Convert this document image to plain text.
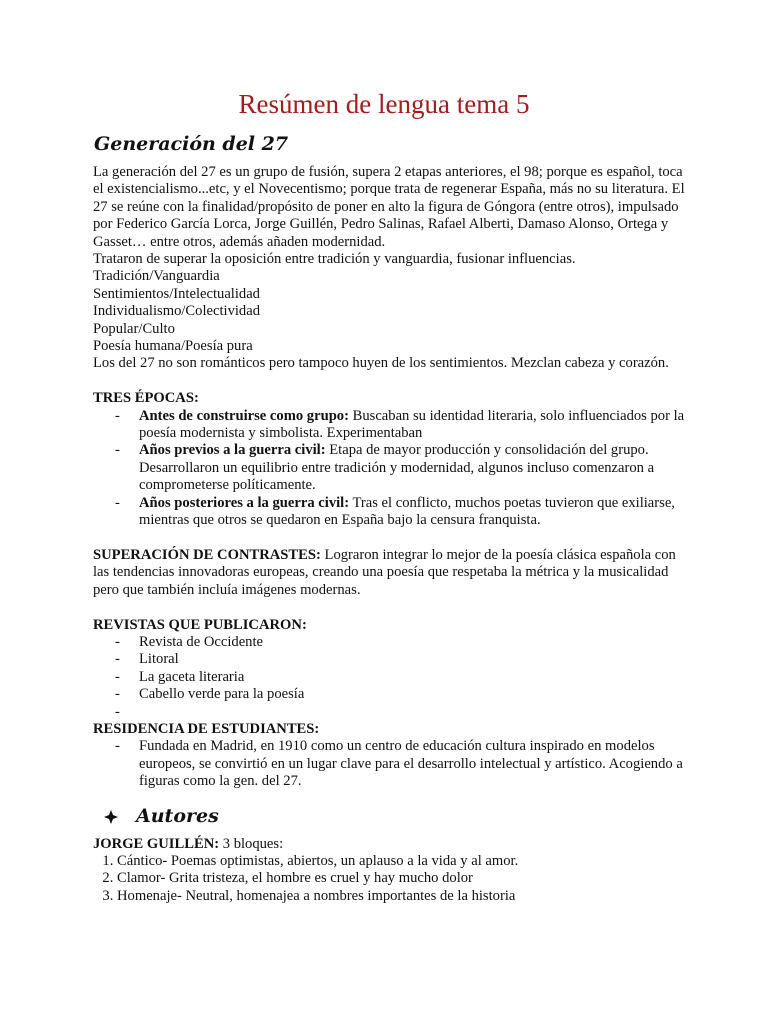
Resúmen de lengua tema 5
Generación del 27

La generación del 27 es un grupo de fusión, supera 2 etapas anteriores, el 98; porque es español, toca el existencialismo...etc, y el Novecentismo; porque trata de regenerar España, más no su literatura. El 27 se reúne con la finalidad/propósito de poner en alto la figura de Góngora (entre otros), impulsado por Federico García Lorca, Jorge Guillén, Pedro Salinas, Rafael Alberti, Damaso Alonso, Ortega y Gasset… entre otros, además añaden modernidad.

Trataron de superar la oposición entre tradición y vanguardia, fusionar influencias.

Tradición/Vanguardia

Sentimientos/Intelectualidad

Individualismo/Colectividad

Popular/Culto

Poesía humana/Poesía pura

Los del 27 no son románticos pero tampoco huyen de los sentimientos. Mezclan cabeza y corazón.

TRES ÉPOCAS:

- Antes de construirse como grupo: Buscaban su identidad literaria, solo influenciados por la poesía modernista y simbolista. Experimentaban
- Años previos a la guerra civil: Etapa de mayor producción y consolidación del grupo. Desarrollaron un equilibrio entre tradición y modernidad, algunos incluso comenzaron a comprometerse políticamente.
- Años posteriores a la guerra civil: Tras el conflicto, muchos poetas tuvieron que exiliarse, mientras que otros se quedaron en España bajo la censura franquista.

SUPERACIÓN DE CONTRASTES: Lograron integrar lo mejor de la poesía clásica española con las tendencias innovadoras europeas, creando una poesía que respetaba la métrica y la musicalidad pero que también incluía imágenes modernas.

REVISTAS QUE PUBLICARON:

- Revista de Occidente
- Litoral
- La gaceta literaria
- Cabello verde para la poesía
-

RESIDENCIA DE ESTUDIANTES:

- Fundada en Madrid, en 1910 como un centro de educación cultura inspirado en modelos europeos, se convirtió en un lugar clave para el desarrollo intelectual y artístico. Acogiendo a figuras como la gen. del 27.
Autores

JORGE GUILLÉN: 3 bloques:

1. Cántico- Poemas optimistas, abiertos, un aplauso a la vida y al amor.
2. Clamor- Grita tristeza, el hombre es cruel y hay mucho dolor
3. Homenaje- Neutral, homenajea a nombres importantes de la historia
